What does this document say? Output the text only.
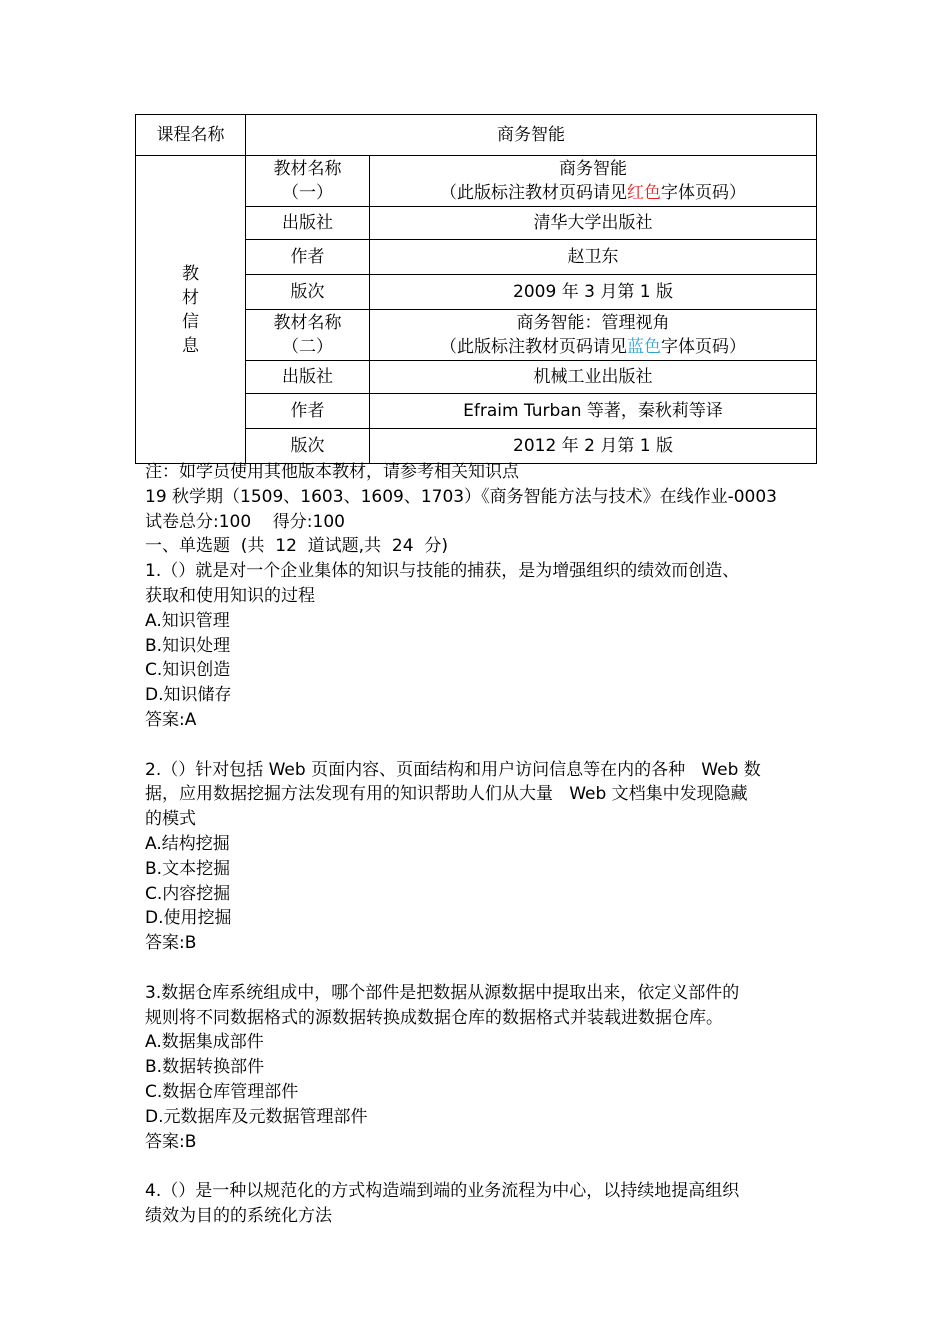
课程名称	商务智能	
教
材
信
息	教材名称
（一）	商务智能
（此版标注教材页码请见红色字体页码）
	出版社	清华大学出版社
	作者	赵卫东
	版次	2009 年 3 月第 1 版
	教材名称
（二）	商务智能：管理视角
（此版标注教材页码请见蓝色字体页码）
	出版社	机械工业出版社
	作者	Efraim Turban 等著，秦秋莉等译
	版次	2012 年 2 月第 1 版

注：如学员使用其他版本教材，请参考相关知识点

19 秋学期（1509、1603、1609、1703）《商务智能方法与技术》在线作业-0003

试卷总分:100    得分:100

一、单选题  (共  12  道试题,共  24  分)

1.（）就是对一个企业集体的知识与技能的捕获，是为增强组织的绩效而创造、

获取和使用知识的过程

A.知识管理

B.知识处理

C.知识创造

D.知识储存

答案:A

2.（）针对包括 Web 页面内容、页面结构和用户访问信息等在内的各种   Web 数

据，应用数据挖掘方法发现有用的知识帮助人们从大量   Web 文档集中发现隐藏

的模式

A.结构挖掘

B.文本挖掘

C.内容挖掘

D.使用挖掘

答案:B

3.数据仓库系统组成中，哪个部件是把数据从源数据中提取出来，依定义部件的

规则将不同数据格式的源数据转换成数据仓库的数据格式并装载进数据仓库。

A.数据集成部件

B.数据转换部件

C.数据仓库管理部件

D.元数据库及元数据管理部件

答案:B

4.（）是一种以规范化的方式构造端到端的业务流程为中心，以持续地提高组织

绩效为目的的系统化方法
